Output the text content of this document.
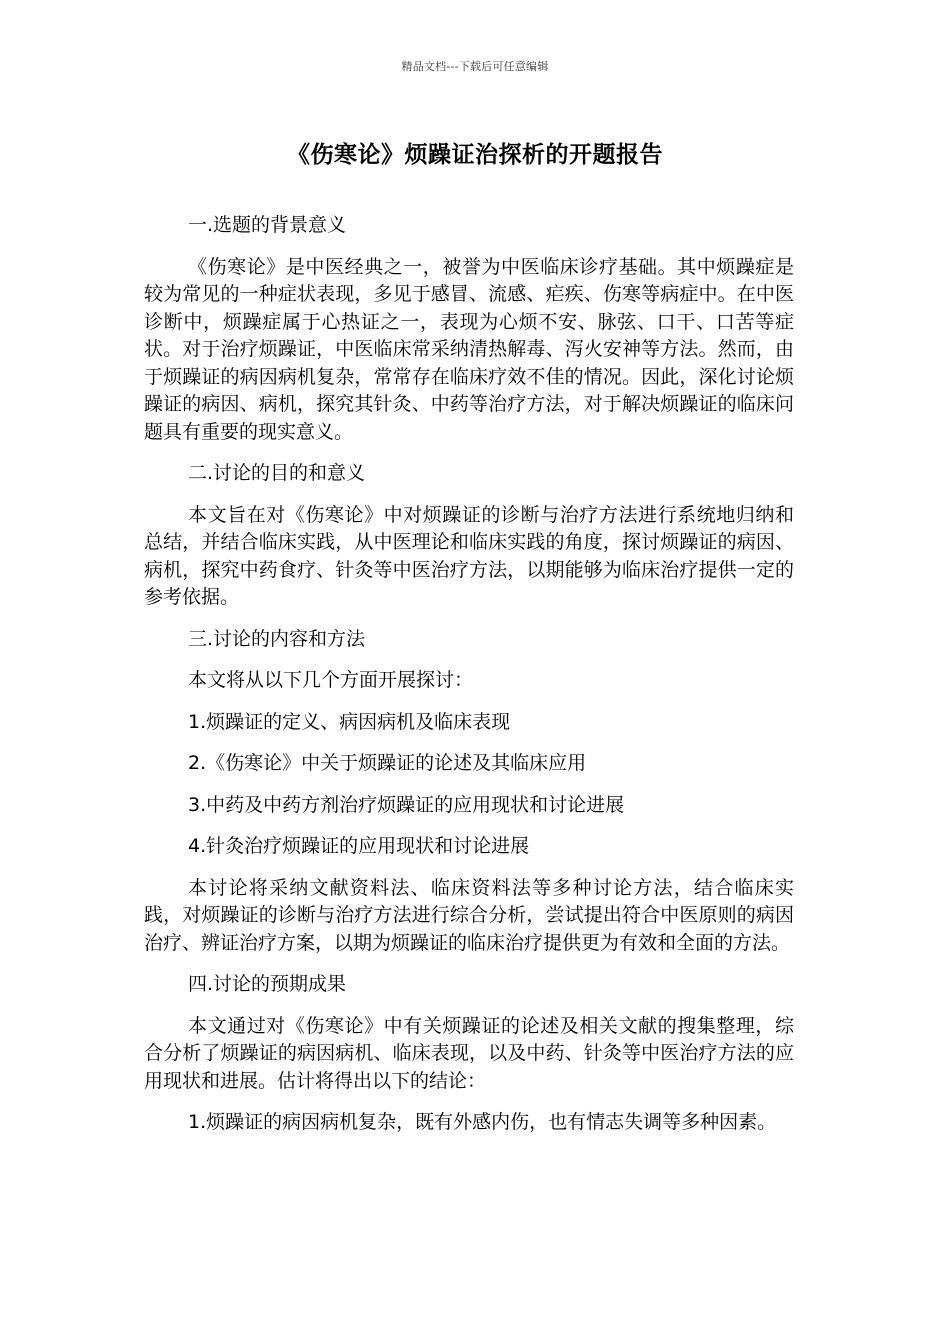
精品文档---下载后可任意编辑
《伤寒论》烦躁证治探析的开题报告

一.选题的背景意义

《伤寒论》是中医经典之一，被誉为中医临床诊疗基础。其中烦躁症是较为常见的一种症状表现，多见于感冒、流感、疟疾、伤寒等病症中。在中医诊断中，烦躁症属于心热证之一，表现为心烦不安、脉弦、口干、口苦等症状。对于治疗烦躁证，中医临床常采纳清热解毒、泻火安神等方法。然而，由于烦躁证的病因病机复杂，常常存在临床疗效不佳的情况。因此，深化讨论烦躁证的病因、病机，探究其针灸、中药等治疗方法，对于解决烦躁证的临床问题具有重要的现实意义。

二.讨论的目的和意义

本文旨在对《伤寒论》中对烦躁证的诊断与治疗方法进行系统地归纳和总结，并结合临床实践，从中医理论和临床实践的角度，探讨烦躁证的病因、病机，探究中药食疗、针灸等中医治疗方法，以期能够为临床治疗提供一定的参考依据。

三.讨论的内容和方法

本文将从以下几个方面开展探讨：

1.烦躁证的定义、病因病机及临床表现

2.《伤寒论》中关于烦躁证的论述及其临床应用

3.中药及中药方剂治疗烦躁证的应用现状和讨论进展

4.针灸治疗烦躁证的应用现状和讨论进展

本讨论将采纳文献资料法、临床资料法等多种讨论方法，结合临床实践，对烦躁证的诊断与治疗方法进行综合分析，尝试提出符合中医原则的病因治疗、辨证治疗方案，以期为烦躁证的临床治疗提供更为有效和全面的方法。

四.讨论的预期成果

本文通过对《伤寒论》中有关烦躁证的论述及相关文献的搜集整理，综合分析了烦躁证的病因病机、临床表现，以及中药、针灸等中医治疗方法的应用现状和进展。估计将得出以下的结论：

1.烦躁证的病因病机复杂，既有外感内伤，也有情志失调等多种因素。
